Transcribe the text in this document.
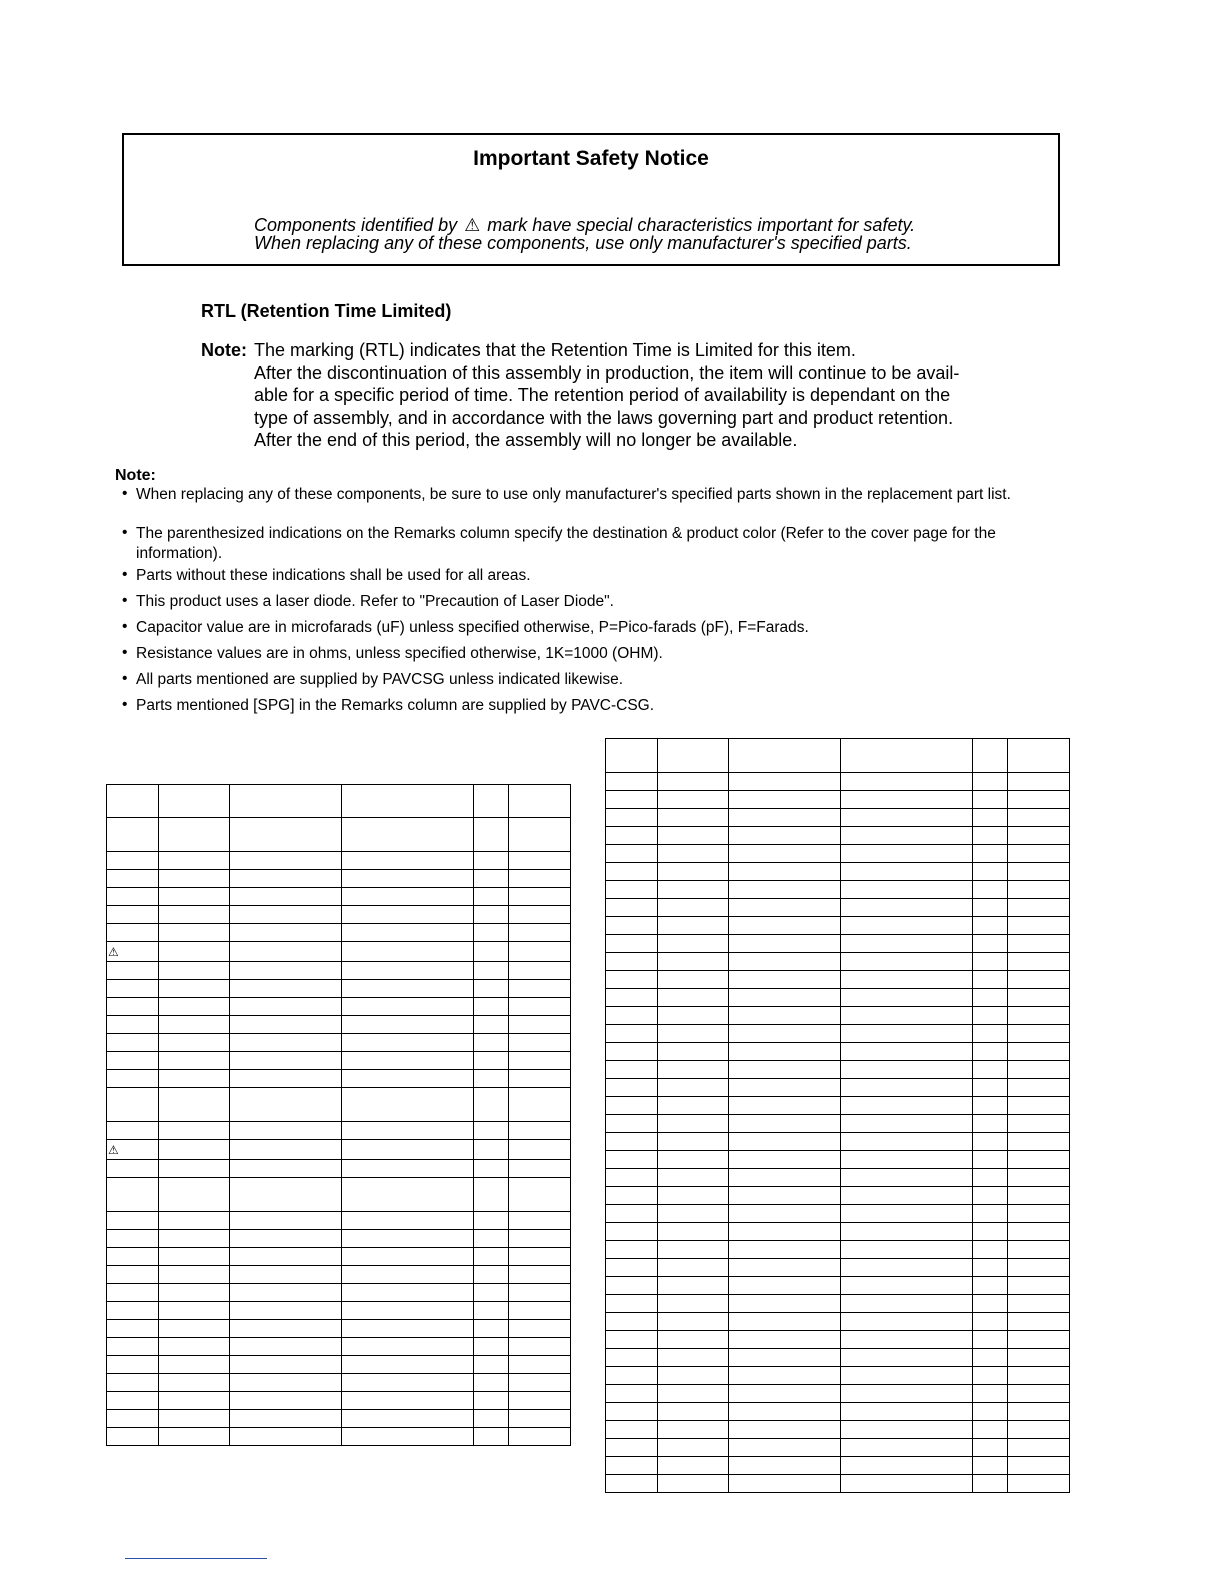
Important Safety Notice
Components identified by ⚠ mark have special characteristics important for safety.
When replacing any of these components, use only manufacturer's specified parts.
RTL (Retention Time Limited)
Note: The marking (RTL) indicates that the Retention Time is Limited for this item.
After the discontinuation of this assembly in production, the item will continue to be avail-
able for a specific period of time. The retention period of availability is dependant on the
type of assembly, and in accordance with the laws governing part and product retention.
After the end of this period, the assembly will no longer be available.
Note:
• When replacing any of these components, be sure to use only manufacturer's specified parts shown in the replacement part list.
• The parenthesized indications on the Remarks column specify the destination & product color (Refer to the cover page for the information).
• Parts without these indications shall be used for all areas.
• This product uses a laser diode. Refer to "Precaution of Laser Diode".
• Capacitor value are in microfarads (uF) unless specified otherwise, P=Pico-farads (pF), F=Farads.
• Resistance values are in ohms, unless specified otherwise, 1K=1000 (OHM).
• All parts mentioned are supplied by PAVCSG unless indicated likewise.
• Parts mentioned [SPG] in the Remarks column are supplied by PAVC-CSG.

⚠					

⚠					
